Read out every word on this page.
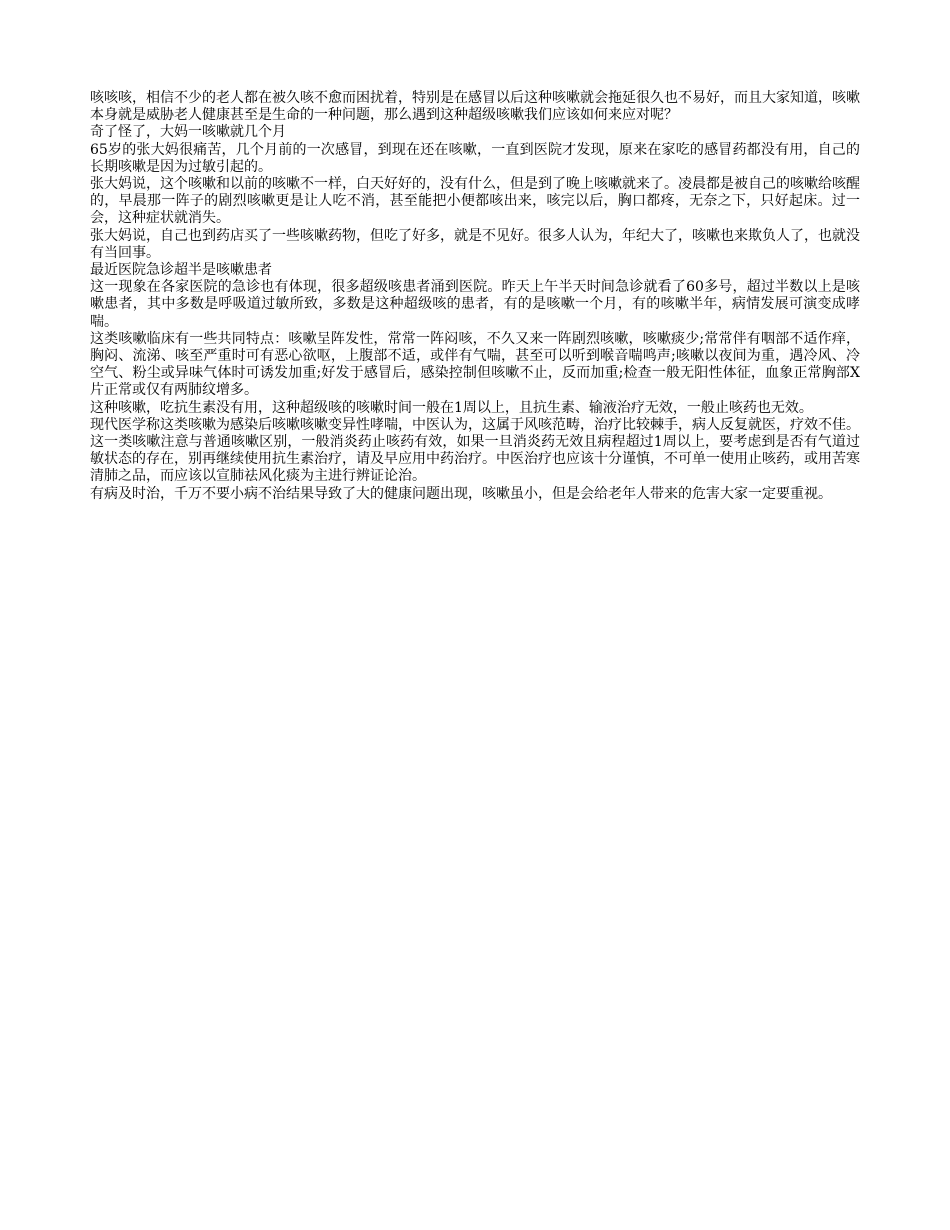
咳咳咳，相信不少的老人都在被久咳不愈而困扰着，特别是在感冒以后这种咳嗽就会拖延很久也不易好，而且大家知道，咳嗽本身就是威胁老人健康甚至是生命的一种问题，那么遇到这种超级咳嗽我们应该如何来应对呢？

奇了怪了，大妈一咳嗽就几个月

65岁的张大妈很痛苦，几个月前的一次感冒，到现在还在咳嗽，一直到医院才发现，原来在家吃的感冒药都没有用，自己的长期咳嗽是因为过敏引起的。

张大妈说，这个咳嗽和以前的咳嗽不一样，白天好好的，没有什么，但是到了晚上咳嗽就来了。凌晨都是被自己的咳嗽给咳醒的，早晨那一阵子的剧烈咳嗽更是让人吃不消，甚至能把小便都咳出来，咳完以后，胸口都疼，无奈之下，只好起床。过一会，这种症状就消失。

张大妈说，自己也到药店买了一些咳嗽药物，但吃了好多，就是不见好。很多人认为，年纪大了，咳嗽也来欺负人了，也就没有当回事。

最近医院急诊超半是咳嗽患者

这一现象在各家医院的急诊也有体现，很多超级咳患者涌到医院。昨天上午半天时间急诊就看了60多号，超过半数以上是咳嗽患者，其中多数是呼吸道过敏所致，多数是这种超级咳的患者，有的是咳嗽一个月，有的咳嗽半年，病情发展可演变成哮喘。

这类咳嗽临床有一些共同特点：咳嗽呈阵发性，常常一阵闷咳，不久又来一阵剧烈咳嗽，咳嗽痰少;常常伴有咽部不适作痒，胸闷、流涕、咳至严重时可有恶心欲呕，上腹部不适，或伴有气喘，甚至可以听到喉音喘鸣声;咳嗽以夜间为重，遇冷风、冷空气、粉尘或异味气体时可诱发加重;好发于感冒后，感染控制但咳嗽不止，反而加重;检查一般无阳性体征，血象正常胸部X片正常或仅有两肺纹增多。

这种咳嗽，吃抗生素没有用，这种超级咳的咳嗽时间一般在1周以上，且抗生素、输液治疗无效，一般止咳药也无效。

现代医学称这类咳嗽为感染后咳嗽咳嗽变异性哮喘，中医认为，这属于风咳范畴，治疗比较棘手，病人反复就医，疗效不佳。这一类咳嗽注意与普通咳嗽区别，一般消炎药止咳药有效，如果一旦消炎药无效且病程超过1周以上，要考虑到是否有气道过敏状态的存在，别再继续使用抗生素治疗，请及早应用中药治疗。中医治疗也应该十分谨慎，不可单一使用止咳药，或用苦寒清肺之品，而应该以宣肺祛风化痰为主进行辨证论治。

有病及时治，千万不要小病不治结果导致了大的健康问题出现，咳嗽虽小，但是会给老年人带来的危害大家一定要重视。
